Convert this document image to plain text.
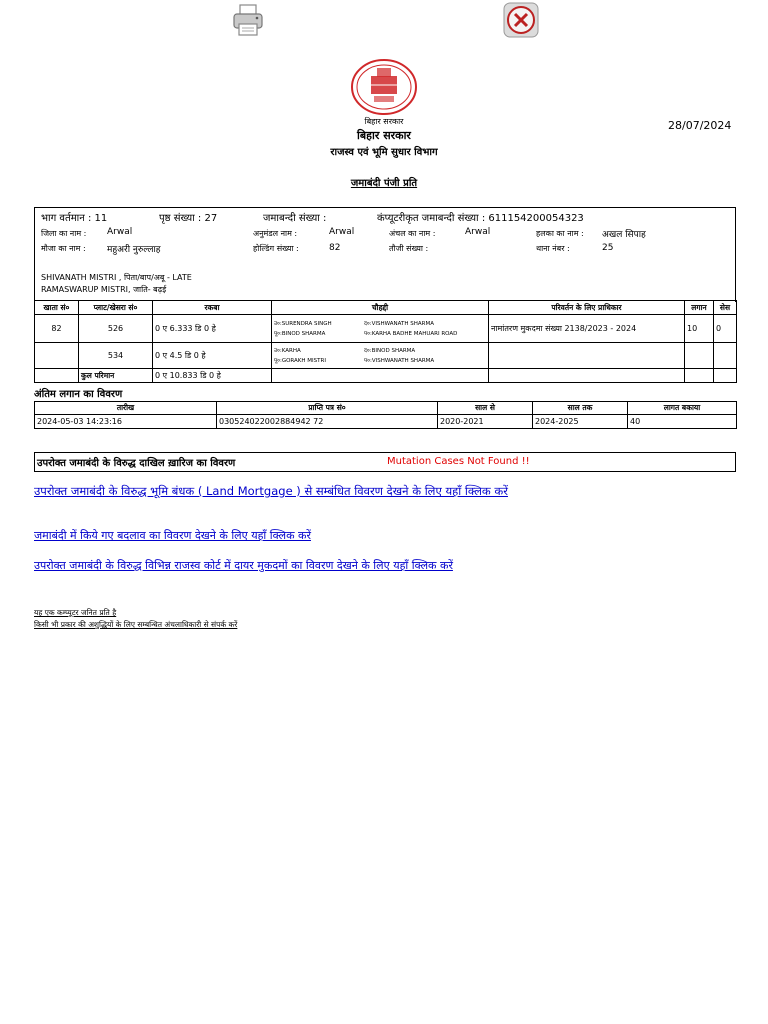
बिहार सरकार
बिहार सरकार
राजस्व एवं भूमि सुधार विभाग
28/07/2024
जमाबंदी पंजी प्रति
भाग वर्तमान : 11	पृष्ठ संख्या : 27	जमाबन्दी संख्या :	कंप्यूटरीकृत जमाबन्दी संख्या : 611154200054323
जिला का नाम : Arwal	अनुमंडल नाम :	Arwal	अंचल का नाम :	Arwal	हलका का नाम : अखल सिपाह
मौजा का नाम : महुअरी नुरुल्लाह	होल्डिंग संख्या :	82	तौजी संख्या :	थाना नंबर :	25
SHIVANATH MISTRI , पिता/बाप/अबू - LATE
RAMASWARUP MISTRI, जाति- बढ़ई
खाता सं०	प्लाट/खेसरा सं०	रकबा	चौहद्दी	परिवर्तन के लिए प्राधिकार	लगान	सेस
82	526	0 ए 6.333 डि 0 हे	उ०:SURENDRA SINGH द०:VISHWANATH SHARMA
पू०:BINOD SHARMA प०:KARHA BADHE MAHUARI ROAD	नामांतरण मुकदमा संख्या 2138/2023 - 2024	10	0
	534	0 ए 4.5 डि 0 हे	उ०:KARHA द०:BINOD SHARMA
पू०:GORAKH MISTRI प०:VISHWANATH SHARMA			

	कुल परिमान	0 ए 10.833 डि 0 हे				
अंतिम लगान का विवरण
तारीख	प्राप्ति पत्र सं०	साल से	साल तक	लागत बकाया
2024-05-03 14:23:16	030524022002884942 72	2020-2021	2024-2025	40
उपरोक्त जमाबंदी के विरुद्ध दाखिल ख़ारिज का विवरण	Mutation Cases Not Found !!
उपरोक्त जमाबंदी के विरुद्ध भूमि बंधक ( Land Mortgage ) से सम्बंधित विवरण देखने के लिए यहाँ क्लिक करें
जमाबंदी में किये गए बदलाव का विवरण देखने के लिए यहाँ क्लिक करें
उपरोक्त जमाबंदी के विरुद्ध विभिन्न राजस्व कोर्ट में दायर मुकदमों का विवरण देखने के लिए यहाँ क्लिक करें
यह एक कम्प्यूटर जनित प्रति है
किसी भी प्रकार की अशुद्धियों के लिए सम्बन्धित अंचलाधिकारी से संपर्क करें
